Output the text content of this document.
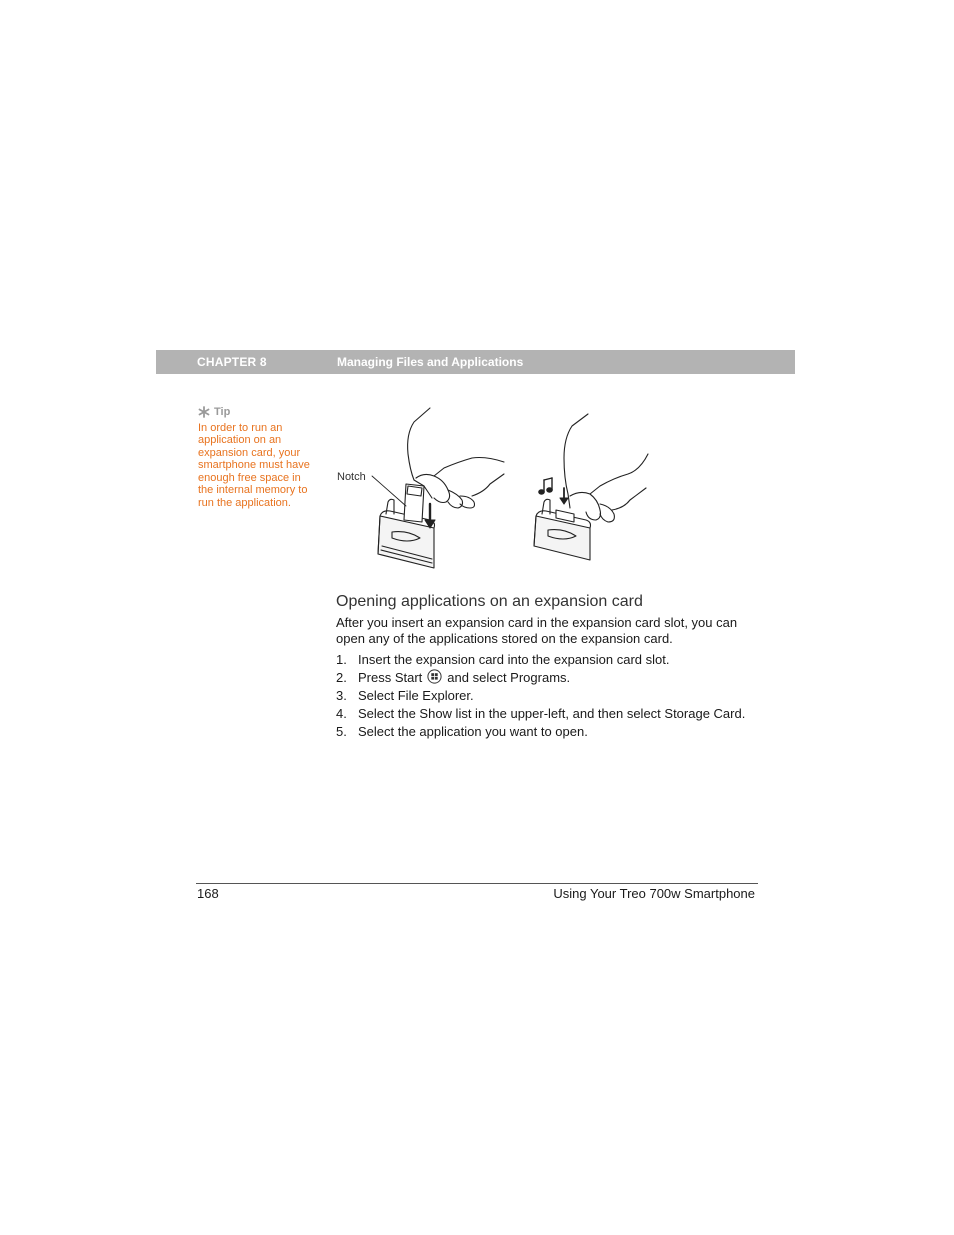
CHAPTER 8	Managing Files and Applications
Tip
In order to run an application on an expansion card, your smartphone must have enough free space in the internal memory to run the application.
Notch
Opening applications on an expansion card

After you insert an expansion card in the expansion card slot, you can open any of the applications stored on the expansion card.

1. Insert the expansion card into the expansion card slot.
2. Press Start and select Programs.
3. Select File Explorer.
4. Select the Show list in the upper-left, and then select Storage Card.
5. Select the application you want to open.
168	Using Your Treo 700w Smartphone
